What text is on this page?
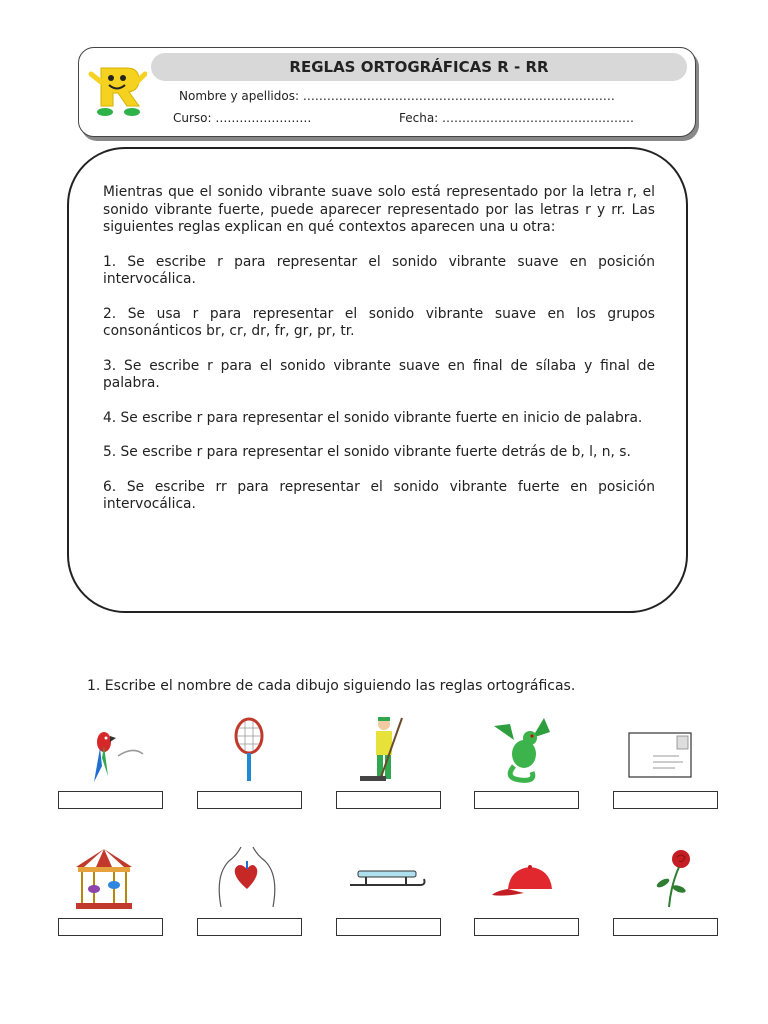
REGLAS ORTOGRÁFICAS R - RR
Nombre y apellidos: ……………………………………………………………………
Curso: ……………………	Fecha: …………………………………………

Mientras que el sonido vibrante suave solo está representado por la letra r, el sonido vibrante fuerte, puede aparecer representado por las letras r y rr. Las siguientes reglas explican en qué contextos aparecen una u otra:

1. Se escribe r para representar el sonido vibrante suave en posición intervocálica.

2. Se usa r para representar el sonido vibrante suave en los grupos consonánticos br, cr, dr, fr, gr, pr, tr.

3. Se escribe r para el sonido vibrante suave en final de sílaba y final de palabra.

4. Se escribe r para representar el sonido vibrante fuerte en inicio de palabra.

5. Se escribe r para representar el sonido vibrante fuerte detrás de b, l, n, s.

6. Se escribe rr para representar el sonido vibrante fuerte en posición intervocálica.

1. Escribe el nombre de cada dibujo siguiendo las reglas ortográficas.
